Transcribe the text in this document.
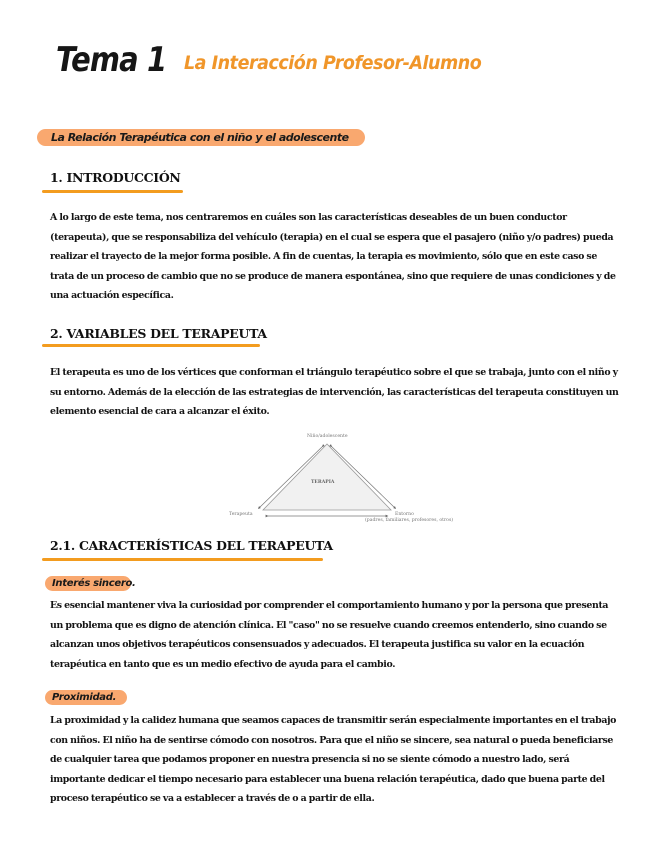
Tema 1 La Interacción Profesor-Alumno
La Relación Terapéutica con el niño y el adolescente
1. INTRODUCCIÓN
A lo largo de este tema, nos centraremos en cuáles son las características deseables de un buen conductor (terapeuta), que se responsabiliza del vehículo (terapia) en el cual se espera que el pasajero (niño y/o padres) pueda realizar el trayecto de la mejor forma posible. A fin de cuentas, la terapia es movimiento, sólo que en este caso se trata de un proceso de cambio que no se produce de manera espontánea, sino que requiere de unas condiciones y de una actuación específica.
2. VARIABLES DEL TERAPEUTA
El terapeuta es uno de los vértices que conforman el triángulo terapéutico sobre el que se trabaja, junto con el niño y su entorno. Además de la elección de las estrategias de intervención, las características del terapeuta constituyen un elemento esencial de cara a alcanzar el éxito.
Niño/adolescente
TERAPIA
Terapeuta	Entorno
(padres, familiares, profesores, otros)
2.1. CARACTERÍSTICAS DEL TERAPEUTA
Interés sincero.
Es esencial mantener viva la curiosidad por comprender el comportamiento humano y por la persona que presenta un problema que es digno de atención clínica. El "caso" no se resuelve cuando creemos entenderlo, sino cuando se alcanzan unos objetivos terapéuticos consensuados y adecuados. El terapeuta justifica su valor en la ecuación terapéutica en tanto que es un medio efectivo de ayuda para el cambio.
Proximidad.
La proximidad y la calidez humana que seamos capaces de transmitir serán especialmente importantes en el trabajo con niños. El niño ha de sentirse cómodo con nosotros. Para que el niño se sincere, sea natural o pueda beneficiarse de cualquier tarea que podamos proponer en nuestra presencia si no se siente cómodo a nuestro lado, será importante dedicar el tiempo necesario para establecer una buena relación terapéutica, dado que buena parte del proceso terapéutico se va a establecer a través de o a partir de ella.
